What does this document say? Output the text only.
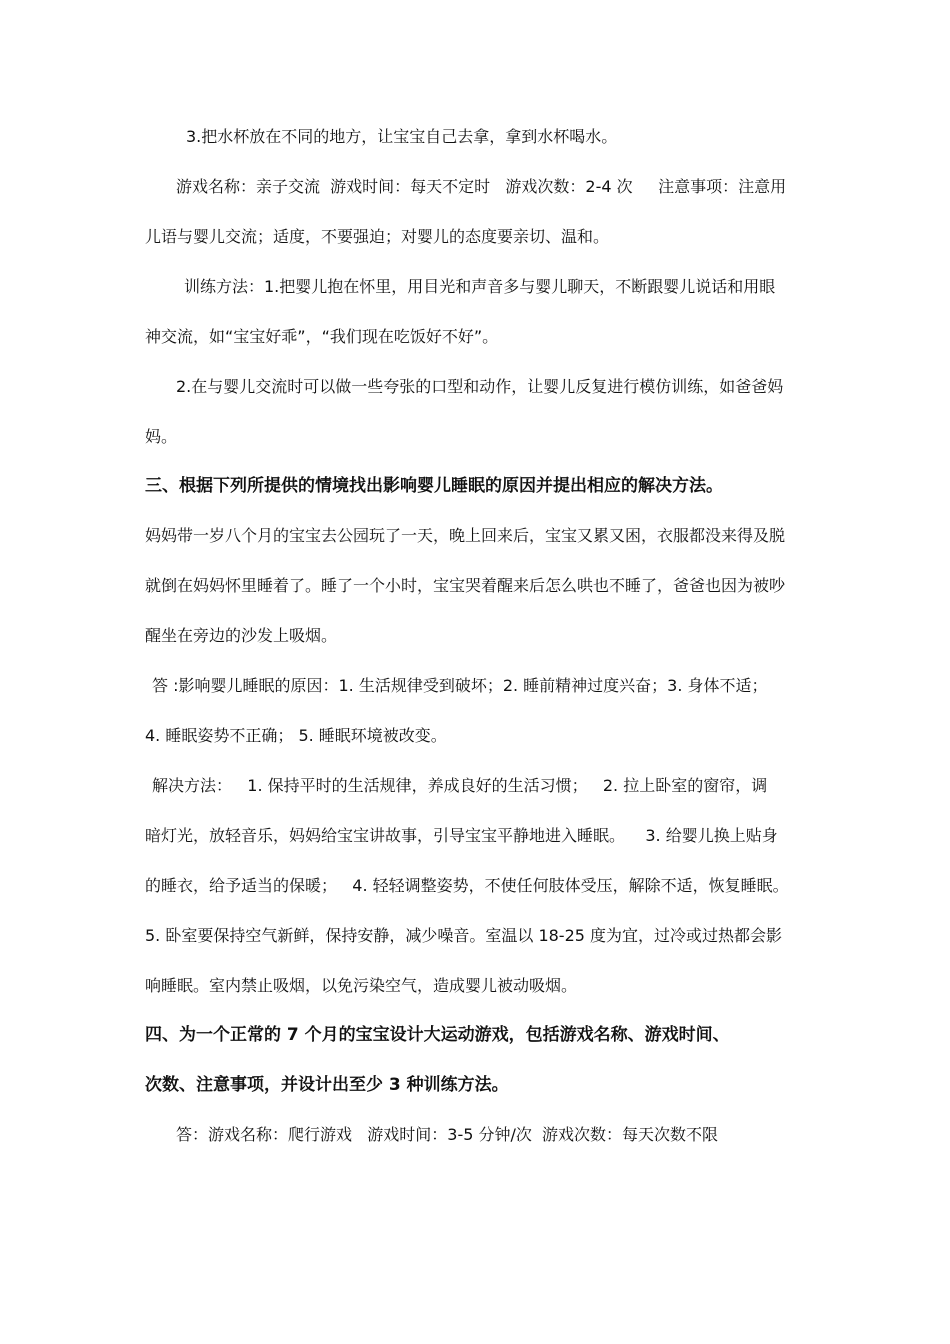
3.把水杯放在不同的地方，让宝宝自己去拿，拿到水杯喝水。
游戏名称：亲子交流  游戏时间：每天不定时   游戏次数：2-4 次     注意事项：注意用
儿语与婴儿交流；适度，不要强迫；对婴儿的态度要亲切、温和。
训练方法：1.把婴儿抱在怀里，用目光和声音多与婴儿聊天，不断跟婴儿说话和用眼
神交流，如“宝宝好乖”，“我们现在吃饭好不好”。
2.在与婴儿交流时可以做一些夸张的口型和动作，让婴儿反复进行模仿训练，如爸爸妈
妈。
三、根据下列所提供的情境找出影响婴儿睡眠的原因并提出相应的解决方法。
妈妈带一岁八个月的宝宝去公园玩了一天，晚上回来后，宝宝又累又困，衣服都没来得及脱
就倒在妈妈怀里睡着了。睡了一个小时，宝宝哭着醒来后怎么哄也不睡了，爸爸也因为被吵
醒坐在旁边的沙发上吸烟。
答 :影响婴儿睡眠的原因：1. 生活规律受到破坏；2. 睡前精神过度兴奋；3. 身体不适；
4. 睡眠姿势不正确； 5. 睡眠环境被改变。
解决方法：   1. 保持平时的生活规律，养成良好的生活习惯；   2. 拉上卧室的窗帘，调
暗灯光，放轻音乐，妈妈给宝宝讲故事，引导宝宝平静地进入睡眠。    3. 给婴儿换上贴身
的睡衣，给予适当的保暖；   4. 轻轻调整姿势，不使任何肢体受压，解除不适，恢复睡眠。
5. 卧室要保持空气新鲜，保持安静，减少噪音。室温以 18-25 度为宜，过冷或过热都会影
响睡眠。室内禁止吸烟，以免污染空气，造成婴儿被动吸烟。
四、为一个正常的 7 个月的宝宝设计大运动游戏，包括游戏名称、游戏时间、
次数、注意事项，并设计出至少 3 种训练方法。
答：游戏名称：爬行游戏   游戏时间：3-5 分钟/次  游戏次数：每天次数不限
